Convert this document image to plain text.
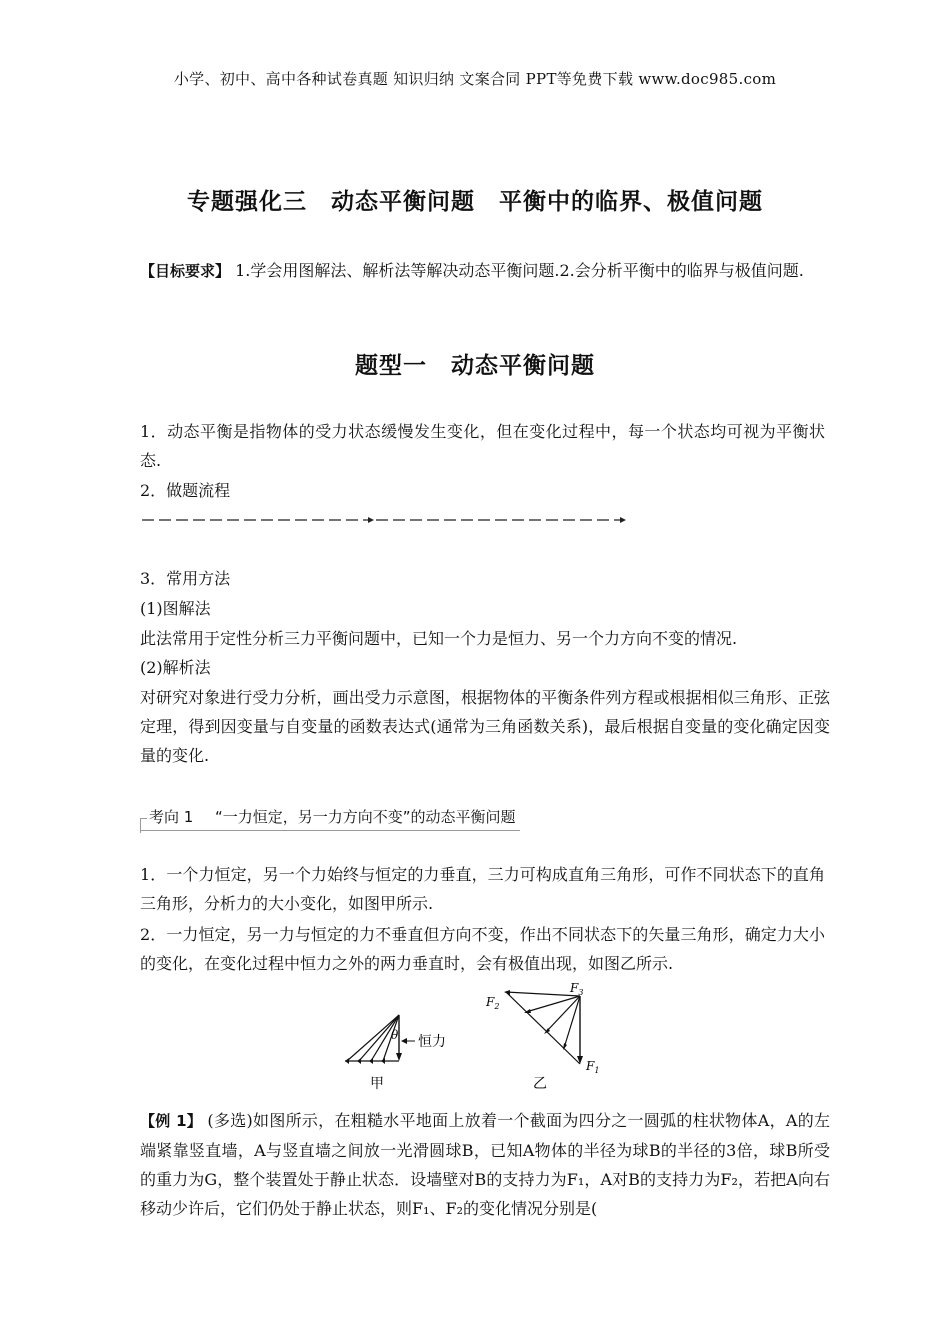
小学、初中、高中各种试卷真题 知识归纳 文案合同 PPT等免费下载 www.doc985.com
专题强化三　动态平衡问题　平衡中的临界、极值问题
【目标要求】 1.学会用图解法、解析法等解决动态平衡问题.2.会分析平衡中的临界与极值问题.
题型一　动态平衡问题
1．动态平衡是指物体的受力状态缓慢发生变化，但在变化过程中，每一个状态均可视为平衡状态.
2．做题流程
3．常用方法
(1)图解法
此法常用于定性分析三力平衡问题中，已知一个力是恒力、另一个力方向不变的情况.
(2)解析法
对研究对象进行受力分析，画出受力示意图，根据物体的平衡条件列方程或根据相似三角形、正弦定理，得到因变量与自变量的函数表达式(通常为三角函数关系)，最后根据自变量的变化确定因变量的变化.
考向 1 “一力恒定，另一力方向不变”的动态平衡问题
1．一个力恒定，另一个力始终与恒定的力垂直，三力可构成直角三角形，可作不同状态下的直角三角形，分析力的大小变化，如图甲所示.
2．一力恒定，另一力与恒定的力不垂直但方向不变，作出不同状态下的矢量三角形，确定力大小的变化，在变化过程中恒力之外的两力垂直时，会有极值出现，如图乙所示.
θ 恒力
甲
$F_3$
$F_2$
$F_1$
乙
【例 1】 (多选)如图所示，在粗糙水平地面上放着一个截面为四分之一圆弧的柱状物体A，A的左端紧靠竖直墙，A与竖直墙之间放一光滑圆球B，已知A物体的半径为球B的半径的3倍，球B所受的重力为G，整个装置处于静止状态．设墙壁对B的支持力为F₁，A对B的支持力为F₂，若把A向右移动少许后，它们仍处于静止状态，则F₁、F₂的变化情况分别是(
